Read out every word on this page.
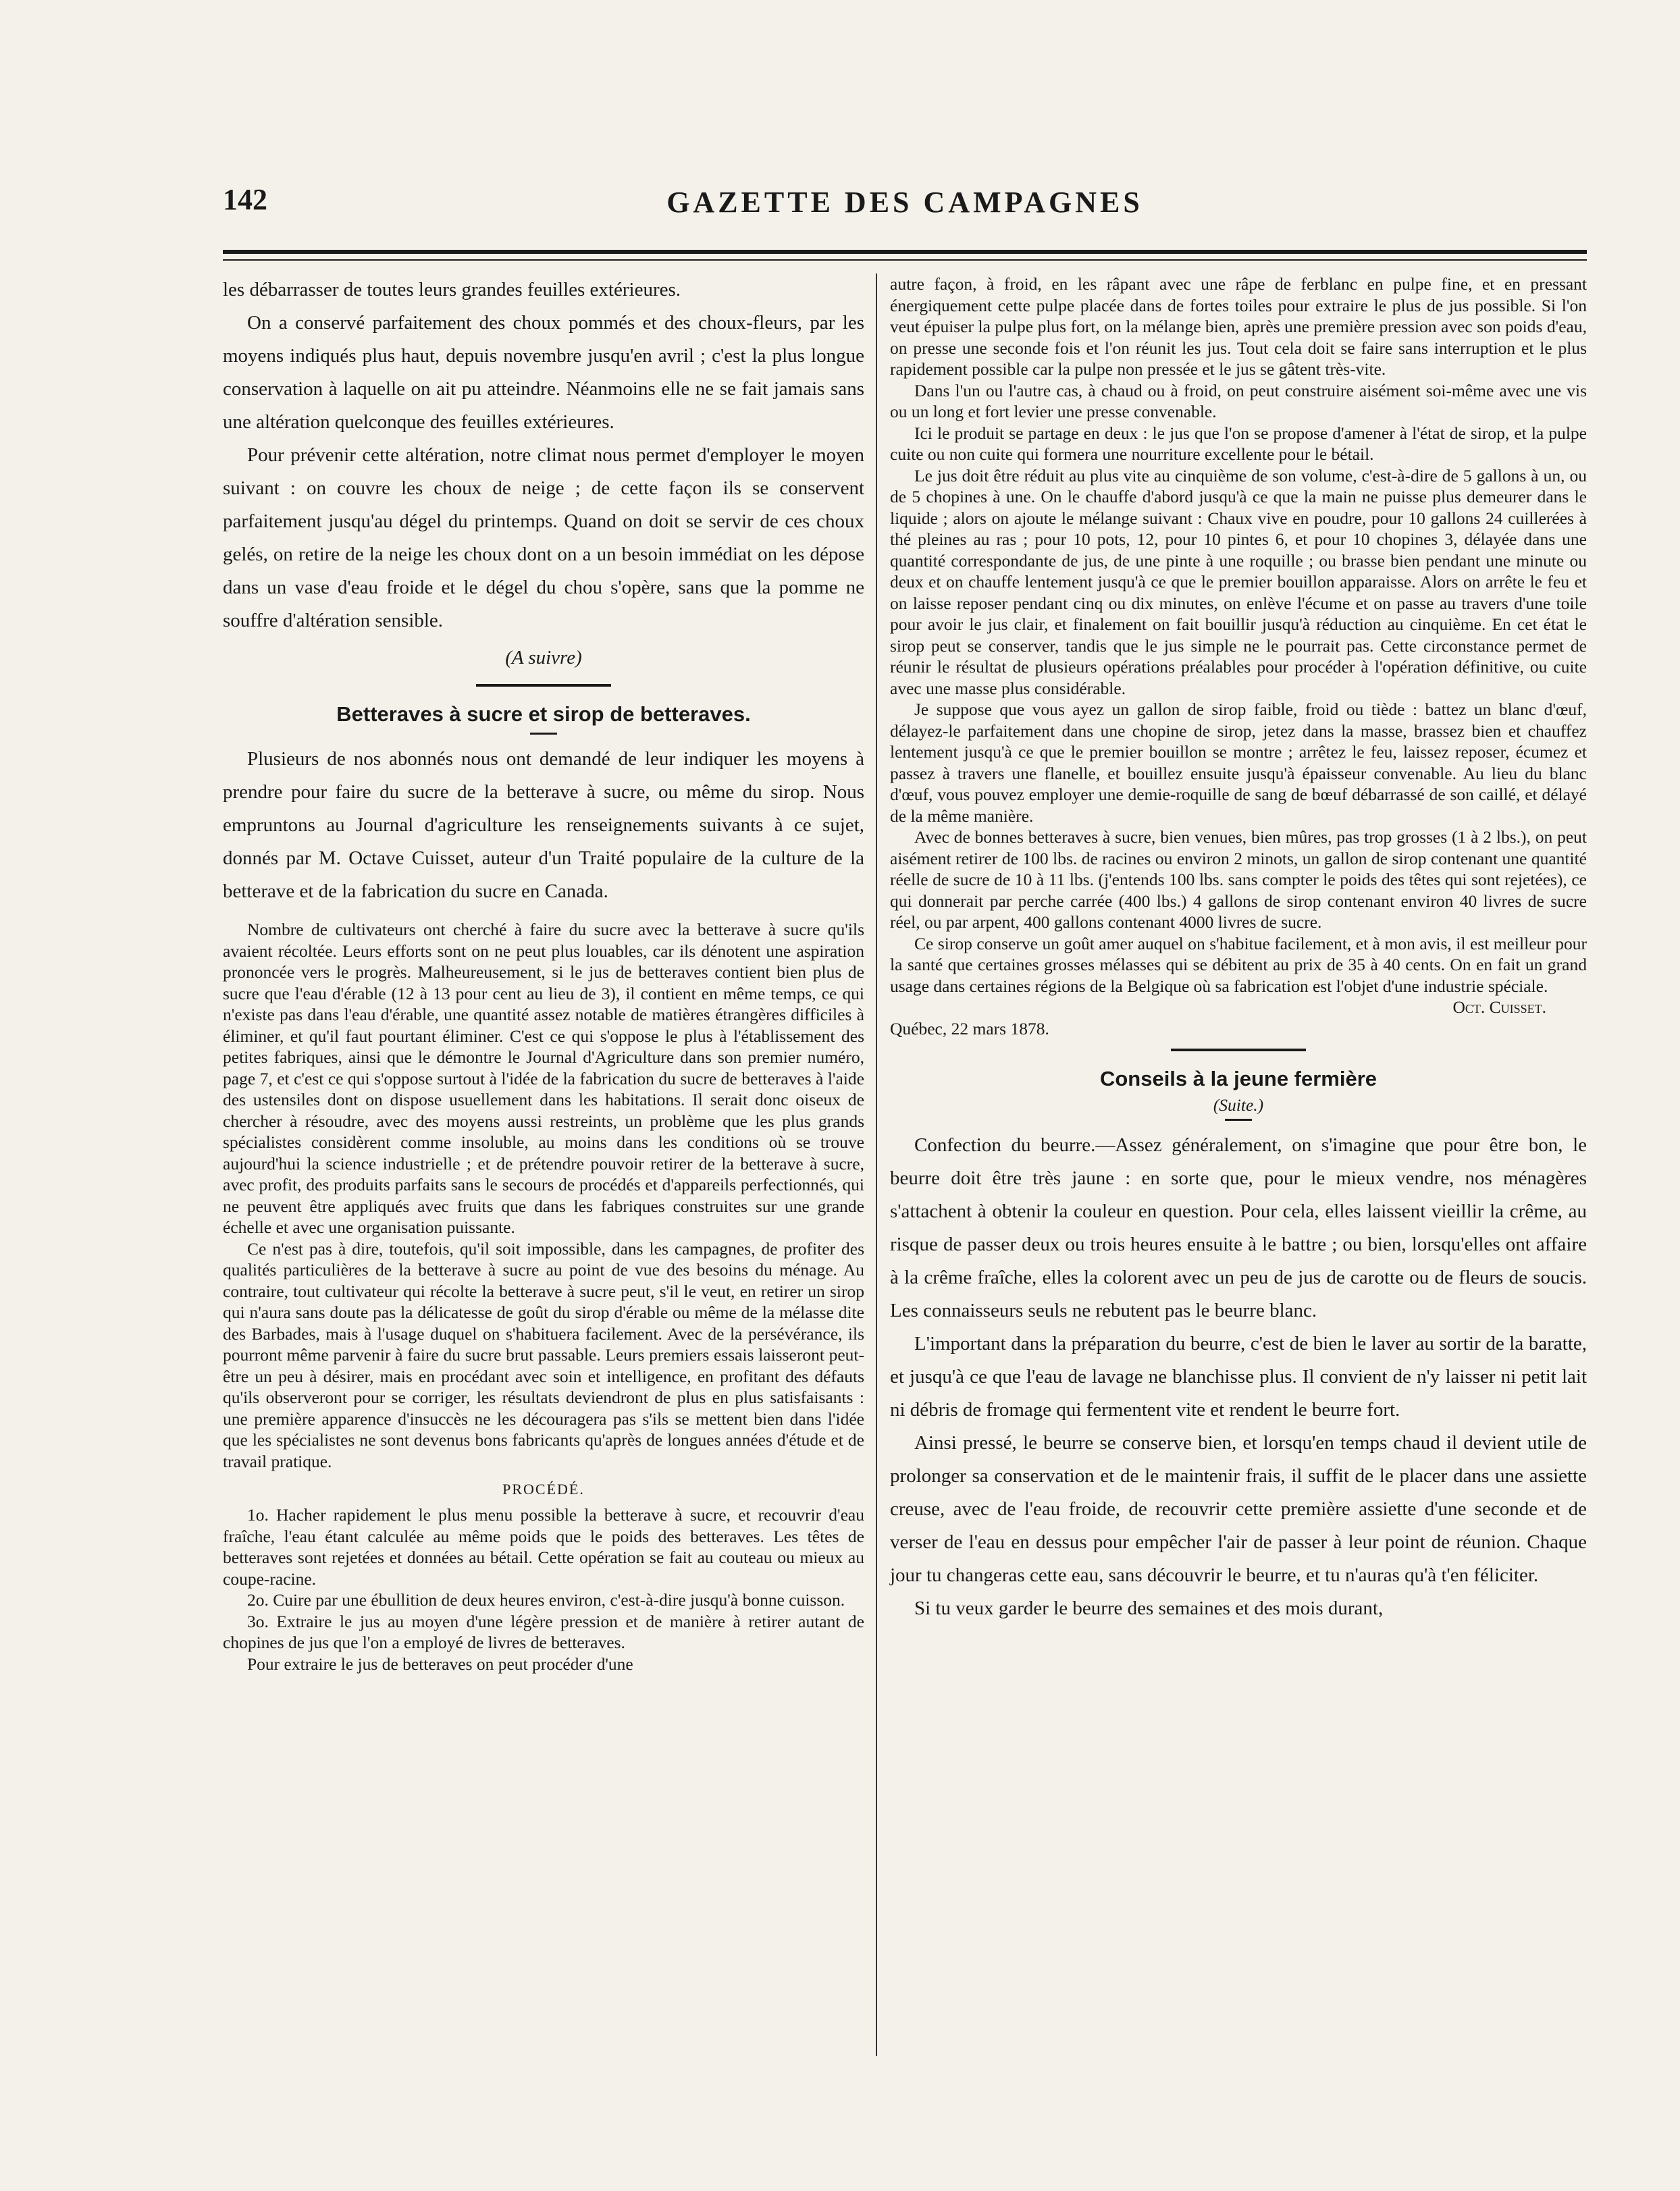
142	GAZETTE DES CAMPAGNES

les débarrasser de toutes leurs grandes feuilles extérieures.

On a conservé parfaitement des choux pommés et des choux-fleurs, par les moyens indiqués plus haut, depuis novembre jusqu'en avril ; c'est la plus longue conservation à laquelle on ait pu atteindre. Néanmoins elle ne se fait jamais sans une altération quelconque des feuilles extérieures.

Pour prévenir cette altération, notre climat nous permet d'employer le moyen suivant : on couvre les choux de neige ; de cette façon ils se conservent parfaitement jusqu'au dégel du printemps. Quand on doit se servir de ces choux gelés, on retire de la neige les choux dont on a un besoin immédiat on les dépose dans un vase d'eau froide et le dégel du chou s'opère, sans que la pomme ne souffre d'altération sensible.

(A suivre)

Betteraves à sucre et sirop de betteraves.

Plusieurs de nos abonnés nous ont demandé de leur indiquer les moyens à prendre pour faire du sucre de la betterave à sucre, ou même du sirop. Nous empruntons au Journal d'agriculture les renseignements suivants à ce sujet, donnés par M. Octave Cuisset, auteur d'un Traité populaire de la culture de la betterave et de la fabrication du sucre en Canada.

Nombre de cultivateurs ont cherché à faire du sucre avec la betterave à sucre qu'ils avaient récoltée. Leurs efforts sont on ne peut plus louables, car ils dénotent une aspiration prononcée vers le progrès. Malheureusement, si le jus de betteraves contient bien plus de sucre que l'eau d'érable (12 à 13 pour cent au lieu de 3), il contient en même temps, ce qui n'existe pas dans l'eau d'érable, une quantité assez notable de matières étrangères difficiles à éliminer, et qu'il faut pourtant éliminer. C'est ce qui s'oppose le plus à l'établissement des petites fabriques, ainsi que le démontre le Journal d'Agriculture dans son premier numéro, page 7, et c'est ce qui s'oppose surtout à l'idée de la fabrication du sucre de betteraves à l'aide des ustensiles dont on dispose usuellement dans les habitations. Il serait donc oiseux de chercher à résoudre, avec des moyens aussi restreints, un problème que les plus grands spécialistes considèrent comme insoluble, au moins dans les conditions où se trouve aujourd'hui la science industrielle ; et de prétendre pouvoir retirer de la betterave à sucre, avec profit, des produits parfaits sans le secours de procédés et d'appareils perfectionnés, qui ne peuvent être appliqués avec fruits que dans les fabriques construites sur une grande échelle et avec une organisation puissante.

Ce n'est pas à dire, toutefois, qu'il soit impossible, dans les campagnes, de profiter des qualités particulières de la betterave à sucre au point de vue des besoins du ménage. Au contraire, tout cultivateur qui récolte la betterave à sucre peut, s'il le veut, en retirer un sirop qui n'aura sans doute pas la délicatesse de goût du sirop d'érable ou même de la mélasse dite des Barbades, mais à l'usage duquel on s'habituera facilement. Avec de la persévérance, ils pourront même parvenir à faire du sucre brut passable. Leurs premiers essais laisseront peut-être un peu à désirer, mais en procédant avec soin et intelligence, en profitant des défauts qu'ils observeront pour se corriger, les résultats deviendront de plus en plus satisfaisants : une première apparence d'insuccès ne les découragera pas s'ils se mettent bien dans l'idée que les spécialistes ne sont devenus bons fabricants qu'après de longues années d'étude et de travail pratique.

PROCÉDÉ.

1o. Hacher rapidement le plus menu possible la betterave à sucre, et recouvrir d'eau fraîche, l'eau étant calculée au même poids que le poids des betteraves. Les têtes de betteraves sont rejetées et données au bétail. Cette opération se fait au couteau ou mieux au coupe-racine.

2o. Cuire par une ébullition de deux heures environ, c'est-à-dire jusqu'à bonne cuisson.

3o. Extraire le jus au moyen d'une légère pression et de manière à retirer autant de chopines de jus que l'on a employé de livres de betteraves.

Pour extraire le jus de betteraves on peut procéder d'une

autre façon, à froid, en les râpant avec une râpe de ferblanc en pulpe fine, et en pressant énergiquement cette pulpe placée dans de fortes toiles pour extraire le plus de jus possible. Si l'on veut épuiser la pulpe plus fort, on la mélange bien, après une première pression avec son poids d'eau, on presse une seconde fois et l'on réunit les jus. Tout cela doit se faire sans interruption et le plus rapidement possible car la pulpe non pressée et le jus se gâtent très-vite.

Dans l'un ou l'autre cas, à chaud ou à froid, on peut construire aisément soi-même avec une vis ou un long et fort levier une presse convenable.

Ici le produit se partage en deux : le jus que l'on se propose d'amener à l'état de sirop, et la pulpe cuite ou non cuite qui formera une nourriture excellente pour le bétail.

Le jus doit être réduit au plus vite au cinquième de son volume, c'est-à-dire de 5 gallons à un, ou de 5 chopines à une. On le chauffe d'abord jusqu'à ce que la main ne puisse plus demeurer dans le liquide ; alors on ajoute le mélange suivant : Chaux vive en poudre, pour 10 gallons 24 cuillerées à thé pleines au ras ; pour 10 pots, 12, pour 10 pintes 6, et pour 10 chopines 3, délayée dans une quantité correspondante de jus, de une pinte à une roquille ; ou brasse bien pendant une minute ou deux et on chauffe lentement jusqu'à ce que le premier bouillon apparaisse. Alors on arrête le feu et on laisse reposer pendant cinq ou dix minutes, on enlève l'écume et on passe au travers d'une toile pour avoir le jus clair, et finalement on fait bouillir jusqu'à réduction au cinquième. En cet état le sirop peut se conserver, tandis que le jus simple ne le pourrait pas. Cette circonstance permet de réunir le résultat de plusieurs opérations préalables pour procéder à l'opération définitive, ou cuite avec une masse plus considérable.

Je suppose que vous ayez un gallon de sirop faible, froid ou tiède : battez un blanc d'œuf, délayez-le parfaitement dans une chopine de sirop, jetez dans la masse, brassez bien et chauffez lentement jusqu'à ce que le premier bouillon se montre ; arrêtez le feu, laissez reposer, écumez et passez à travers une flanelle, et bouillez ensuite jusqu'à épaisseur convenable. Au lieu du blanc d'œuf, vous pouvez employer une demie-roquille de sang de bœuf débarrassé de son caillé, et délayé de la même manière.

Avec de bonnes betteraves à sucre, bien venues, bien mûres, pas trop grosses (1 à 2 lbs.), on peut aisément retirer de 100 lbs. de racines ou environ 2 minots, un gallon de sirop contenant une quantité réelle de sucre de 10 à 11 lbs. (j'entends 100 lbs. sans compter le poids des têtes qui sont rejetées), ce qui donnerait par perche carrée (400 lbs.) 4 gallons de sirop contenant environ 40 livres de sucre réel, ou par arpent, 400 gallons contenant 4000 livres de sucre.

Ce sirop conserve un goût amer auquel on s'habitue facilement, et à mon avis, il est meilleur pour la santé que certaines grosses mélasses qui se débitent au prix de 35 à 40 cents. On en fait un grand usage dans certaines régions de la Belgique où sa fabrication est l'objet d'une industrie spéciale.

Oct. Cuisset.

Québec, 22 mars 1878.

Conseils à la jeune fermière

(Suite.)

Confection du beurre.—Assez généralement, on s'imagine que pour être bon, le beurre doit être très jaune : en sorte que, pour le mieux vendre, nos ménagères s'attachent à obtenir la couleur en question. Pour cela, elles laissent vieillir la crême, au risque de passer deux ou trois heures ensuite à le battre ; ou bien, lorsqu'elles ont affaire à la crême fraîche, elles la colorent avec un peu de jus de carotte ou de fleurs de soucis. Les connaisseurs seuls ne rebutent pas le beurre blanc.

L'important dans la préparation du beurre, c'est de bien le laver au sortir de la baratte, et jusqu'à ce que l'eau de lavage ne blanchisse plus. Il convient de n'y laisser ni petit lait ni débris de fromage qui fermentent vite et rendent le beurre fort.

Ainsi pressé, le beurre se conserve bien, et lorsqu'en temps chaud il devient utile de prolonger sa conservation et de le maintenir frais, il suffit de le placer dans une assiette creuse, avec de l'eau froide, de recouvrir cette première assiette d'une seconde et de verser de l'eau en dessus pour empêcher l'air de passer à leur point de réunion. Chaque jour tu changeras cette eau, sans découvrir le beurre, et tu n'auras qu'à t'en féliciter.

Si tu veux garder le beurre des semaines et des mois durant,
